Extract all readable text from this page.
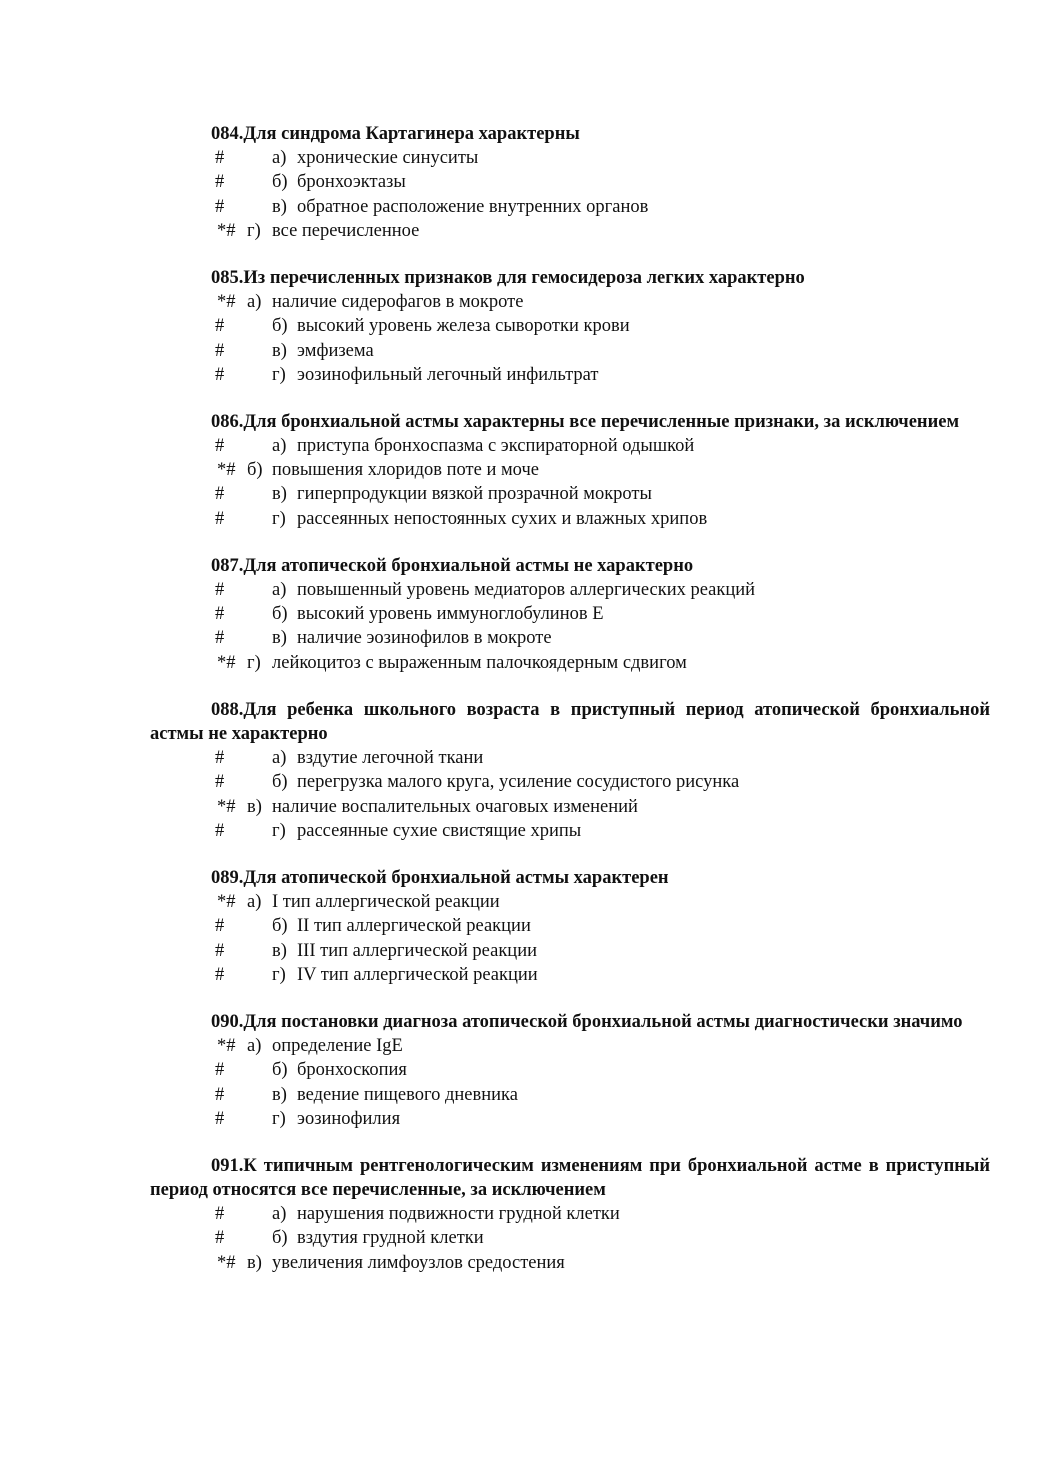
084.Для синдрома Картагинера характерны
#	а) хронические синуситы
#	б) бронхоэктазы
#	в) обратное расположение внутренних органов
*# г) все перечисленное
085.Из перечисленных признаков для гемосидероза легких характерно
*# а) наличие сидерофагов в мокроте
#	б) высокий уровень железа сыворотки крови
#	в) эмфизема
#	г) эозинофильный легочный инфильтрат
086.Для бронхиальной астмы характерны все перечисленные признаки, за исключением
#	а) приступа бронхоспазма с экспираторной одышкой
*# б) повышения хлоридов поте и моче
#	в) гиперпродукции вязкой прозрачной мокроты
#	г) рассеянных непостоянных сухих и влажных хрипов
087.Для атопической бронхиальной астмы не характерно
#	а) повышенный уровень медиаторов аллергических реакций
#	б) высокий уровень иммуноглобулинов Е
#	в) наличие эозинофилов в мокроте
*# г) лейкоцитоз с выраженным палочкоядерным сдвигом
088.Для ребенка школьного возраста в приступный период атопической бронхиальной астмы не характерно
#	а) вздутие легочной ткани
#	б) перегрузка малого круга, усиление сосудистого рисунка
*# в) наличие воспалительных очаговых изменений
#	г) рассеянные сухие свистящие хрипы
089.Для атопической бронхиальной астмы характерен
*# а) I тип аллергической реакции
#	б) II тип аллергической реакции
#	в) III тип аллергической реакции
#	г) IV тип аллергической реакции
090.Для постановки диагноза атопической бронхиальной астмы диагностически значимо
*# а) определение IgE
#	б) бронхоскопия
#	в) ведение пищевого дневника
#	г) эозинофилия
091.К типичным рентгенологическим изменениям при бронхиальной астме в приступный период относятся все перечисленные, за исключением
#	а) нарушения подвижности грудной клетки
#	б) вздутия грудной клетки
*# в) увеличения лимфоузлов средостения
